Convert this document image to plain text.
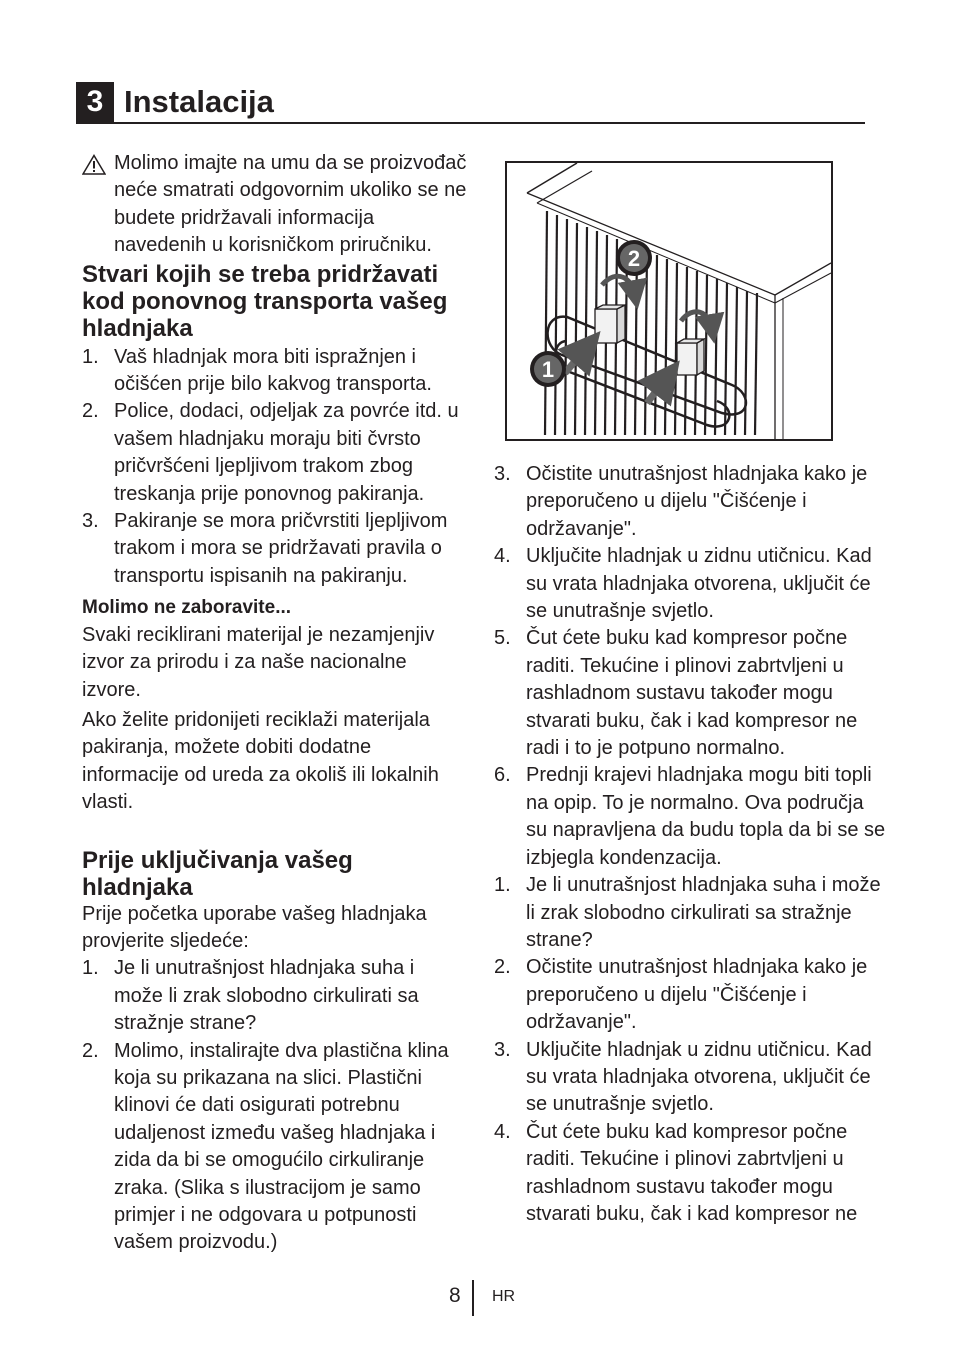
3 Instalacija

Molimo imajte na umu da se proizvođač neće smatrati odgovornim ukoliko se ne budete pridržavali informacija navedenih u korisničkom priručniku.

Stvari kojih se treba pridržavati kod ponovnog transporta vašeg hladnjaka
1. Vaš hladnjak mora biti ispražnjen i očišćen prije bilo kakvog transporta.
2. Police, dodaci, odjeljak za povrće itd. u vašem hladnjaku moraju biti čvrsto pričvršćeni ljepljivom trakom zbog treskanja prije ponovnog pakiranja.
3. Pakiranje se mora pričvrstiti ljepljivom trakom i mora se pridržavati pravila o transportu ispisanih na pakiranju.

Molimo ne zaboravite...

Svaki reciklirani materijal je nezamjenjiv izvor za prirodu i za naše nacionalne izvore.

Ako želite pridonijeti reciklaži materijala pakiranja, možete dobiti dodatne informacije od ureda za okoliš ili lokalnih vlasti.

Prije uključivanja vašeg hladnjaka

Prije početka uporabe vašeg hladnjaka provjerite sljedeće:

1. Je li unutrašnjost hladnjaka suha i može li zrak slobodno cirkulirati sa stražnje strane?
2. Molimo, instalirajte dva plastična klina koja su prikazana na slici. Plastični klinovi će dati osigurati potrebnu udaljenost između vašeg hladnjaka i zida da bi se omogućilo cirkuliranje zraka. (Slika s ilustracijom je samo primjer i ne odgovara u potpunosti vašem proizvodu.)
2
1
3. Očistite unutrašnjost hladnjaka kako je preporučeno u dijelu "Čišćenje i održavanje".
4. Uključite hladnjak u zidnu utičnicu. Kad su vrata hladnjaka otvorena, uključit će se unutrašnje svjetlo.
5. Čut ćete buku kad kompresor počne raditi. Tekućine i plinovi zabrtvljeni u rashladnom sustavu također mogu stvarati buku, čak i kad kompresor ne radi i to je potpuno normalno.
6. Prednji krajevi hladnjaka mogu biti topli na opip. To je normalno. Ova područja su napravljena da budu topla da bi se se izbjegla kondenzacija.
1. Je li unutrašnjost hladnjaka suha i može li zrak slobodno cirkulirati sa stražnje strane?
2. Očistite unutrašnjost hladnjaka kako je preporučeno u dijelu "Čišćenje i održavanje".
3. Uključite hladnjak u zidnu utičnicu. Kad su vrata hladnjaka otvorena, uključit će se unutrašnje svjetlo.
4. Čut ćete buku kad kompresor počne raditi. Tekućine i plinovi zabrtvljeni u rashladnom sustavu također mogu stvarati buku, čak i kad kompresor ne
8 HR
